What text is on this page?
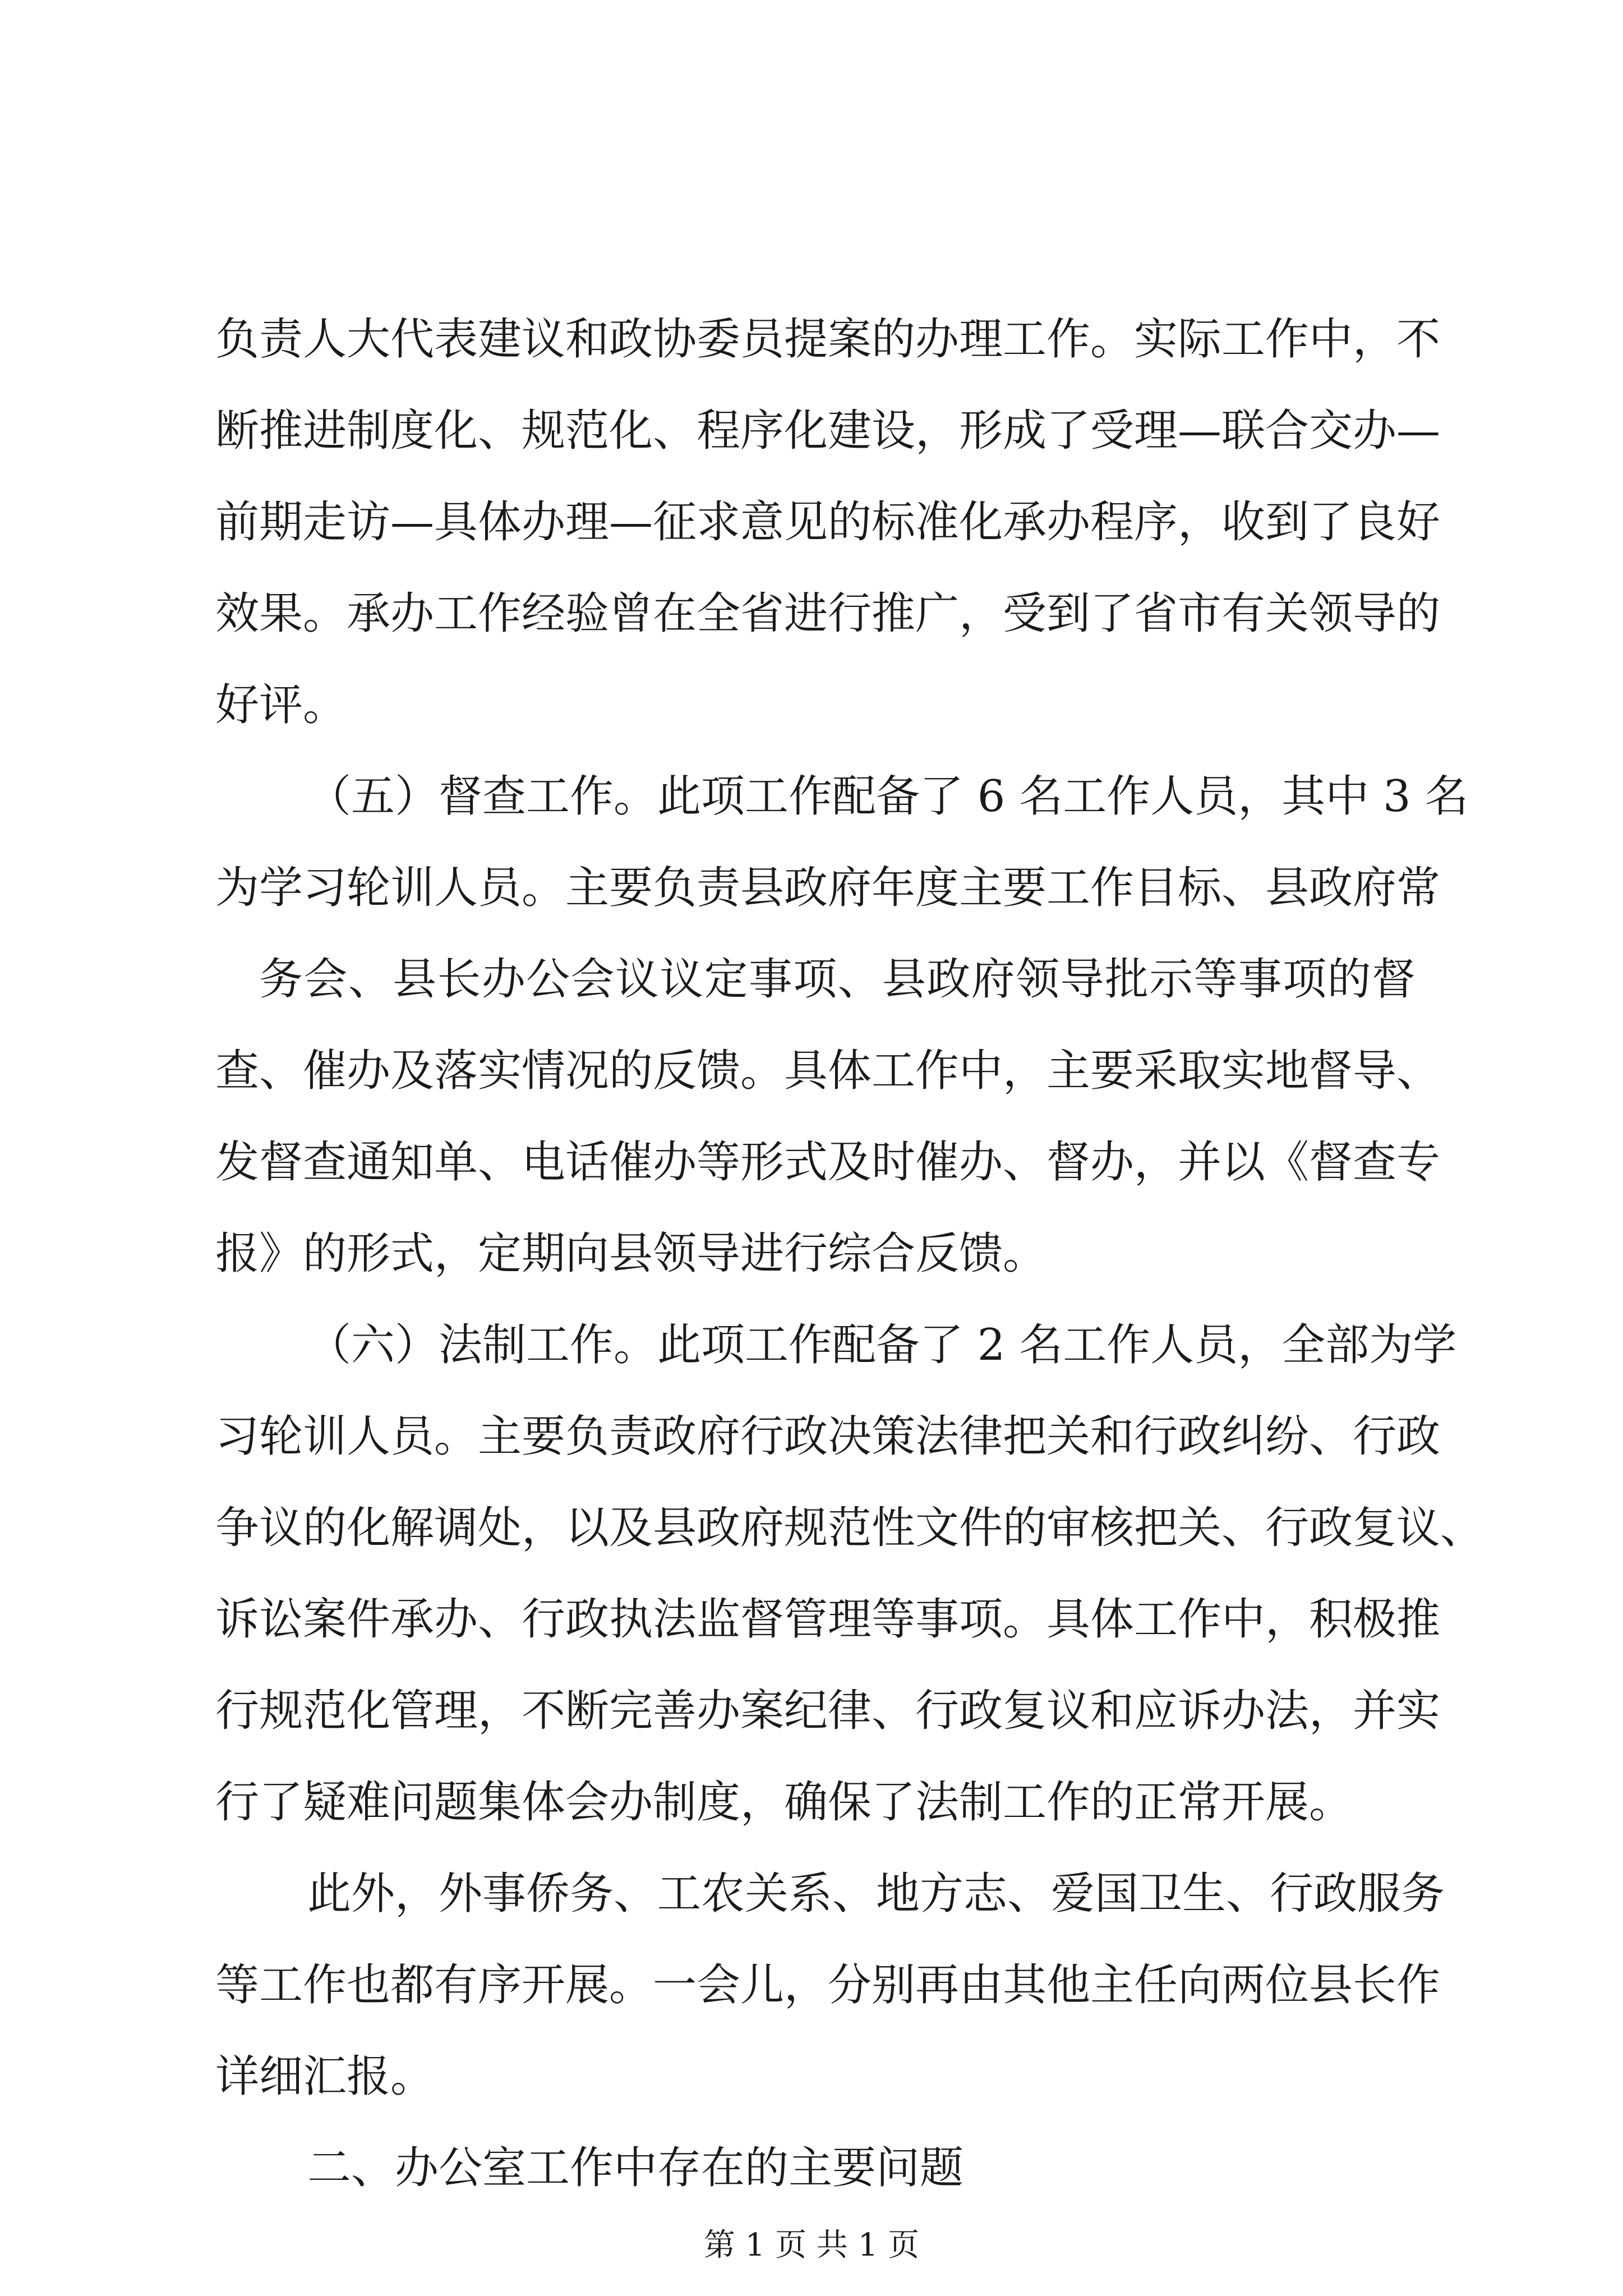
负责人大代表建议和政协委员提案的办理工作。实际工作中，不
断推进制度化、规范化、程序化建设，形成了受理—联合交办—
前期走访—具体办理—征求意见的标准化承办程序，收到了良好
效果。承办工作经验曾在全省进行推广，受到了省市有关领导的
好评。
（五）督查工作。此项工作配备了 6 名工作人员，其中 3 名
为学习轮训人员。主要负责县政府年度主要工作目标、县政府常
务会、县长办公会议议定事项、县政府领导批示等事项的督
查、催办及落实情况的反馈。具体工作中，主要采取实地督导、
发督查通知单、电话催办等形式及时催办、督办，并以《督查专
报》的形式，定期向县领导进行综合反馈。
（六）法制工作。此项工作配备了 2 名工作人员，全部为学
习轮训人员。主要负责政府行政决策法律把关和行政纠纷、行政
争议的化解调处，以及县政府规范性文件的审核把关、行政复议、
诉讼案件承办、行政执法监督管理等事项。具体工作中，积极推
行规范化管理，不断完善办案纪律、行政复议和应诉办法，并实
行了疑难问题集体会办制度，确保了法制工作的正常开展。
此外，外事侨务、工农关系、地方志、爱国卫生、行政服务
等工作也都有序开展。一会儿，分别再由其他主任向两位县长作
详细汇报。
二、办公室工作中存在的主要问题
第 1 页 共 1 页
